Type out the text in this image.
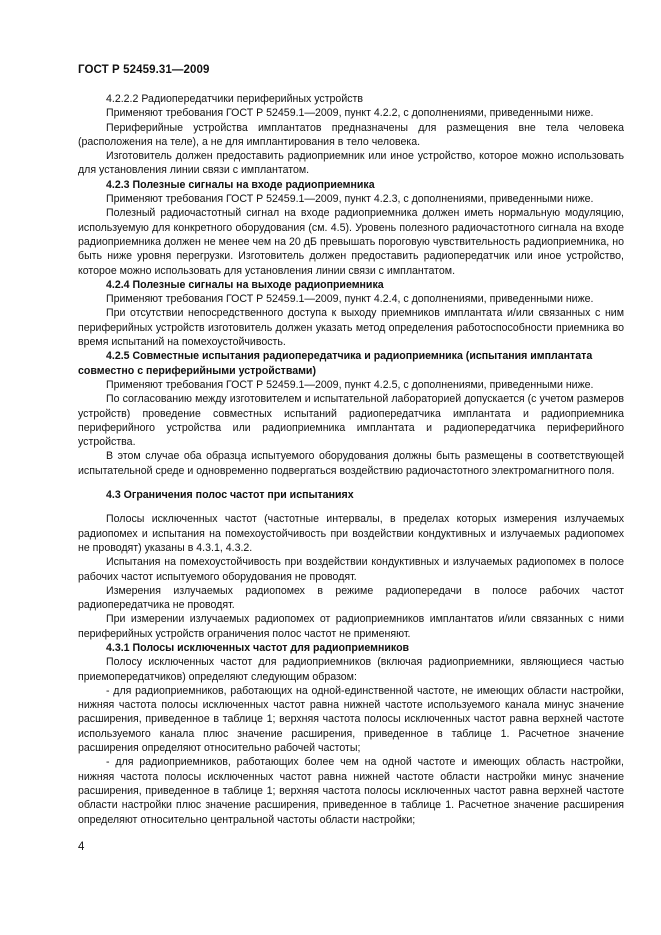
ГОСТ Р 52459.31—2009
4.2.2.2 Радиопередатчики периферийных устройств
Применяют требования ГОСТ Р 52459.1—2009, пункт 4.2.2, с дополнениями, приведенными ниже.
Периферийные устройства имплантатов предназначены для размещения вне тела человека (расположения на теле), а не для имплантирования в тело человека.
Изготовитель должен предоставить радиоприемник или иное устройство, которое можно использовать для установления линии связи с имплантатом.
4.2.3 Полезные сигналы на входе радиоприемника
Применяют требования ГОСТ Р 52459.1—2009, пункт 4.2.3, с дополнениями, приведенными ниже.
Полезный радиочастотный сигнал на входе радиоприемника должен иметь нормальную модуляцию, используемую для конкретного оборудования (см. 4.5). Уровень полезного радиочастотного сигнала на входе радиоприемника должен не менее чем на 20 дБ превышать пороговую чувствительность радиоприемника, но быть ниже уровня перегрузки. Изготовитель должен предоставить радиопередатчик или иное устройство, которое можно использовать для установления линии связи с имплантатом.
4.2.4 Полезные сигналы на выходе радиоприемника
Применяют требования ГОСТ Р 52459.1—2009, пункт 4.2.4, с дополнениями, приведенными ниже.
При отсутствии непосредственного доступа к выходу приемников имплантата и/или связанных с ним периферийных устройств изготовитель должен указать метод определения работоспособности приемника во время испытаний на помехоустойчивость.
4.2.5 Совместные испытания радиопередатчика и радиоприемника (испытания имплантата совместно с периферийными устройствами)
Применяют требования ГОСТ Р 52459.1—2009, пункт 4.2.5, с дополнениями, приведенными ниже.
По согласованию между изготовителем и испытательной лабораторией допускается (с учетом размеров устройств) проведение совместных испытаний радиопередатчика имплантата и радиоприемника периферийного устройства или радиоприемника имплантата и радиопередатчика периферийного устройства.
В этом случае оба образца испытуемого оборудования должны быть размещены в соответствующей испытательной среде и одновременно подвергаться воздействию радиочастотного электромагнитного поля.
4.3 Ограничения полос частот при испытаниях
Полосы исключенных частот (частотные интервалы, в пределах которых измерения излучаемых радиопомех и испытания на помехоустойчивость при воздействии кондуктивных и излучаемых радиопомех не проводят) указаны в 4.3.1, 4.3.2.
Испытания на помехоустойчивость при воздействии кондуктивных и излучаемых радиопомех в полосе рабочих частот испытуемого оборудования не проводят.
Измерения излучаемых радиопомех в режиме радиопередачи в полосе рабочих частот радиопередатчика не проводят.
При измерении излучаемых радиопомех от радиоприемников имплантатов и/или связанных с ними периферийных устройств ограничения полос частот не применяют.
4.3.1 Полосы исключенных частот для радиоприемников
Полосу исключенных частот для радиоприемников (включая радиоприемники, являющиеся частью приемопередатчиков) определяют следующим образом:
- для радиоприемников, работающих на одной-единственной частоте, не имеющих области настройки, нижняя частота полосы исключенных частот равна нижней частоте используемого канала минус значение расширения, приведенное в таблице 1; верхняя частота полосы исключенных частот равна верхней частоте используемого канала плюс значение расширения, приведенное в таблице 1. Расчетное значение расширения определяют относительно рабочей частоты;
- для радиоприемников, работающих более чем на одной частоте и имеющих область настройки, нижняя частота полосы исключенных частот равна нижней частоте области настройки минус значение расширения, приведенное в таблице 1; верхняя частота полосы исключенных частот равна верхней частоте области настройки плюс значение расширения, приведенное в таблице 1. Расчетное значение расширения определяют относительно центральной частоты области настройки;
4
